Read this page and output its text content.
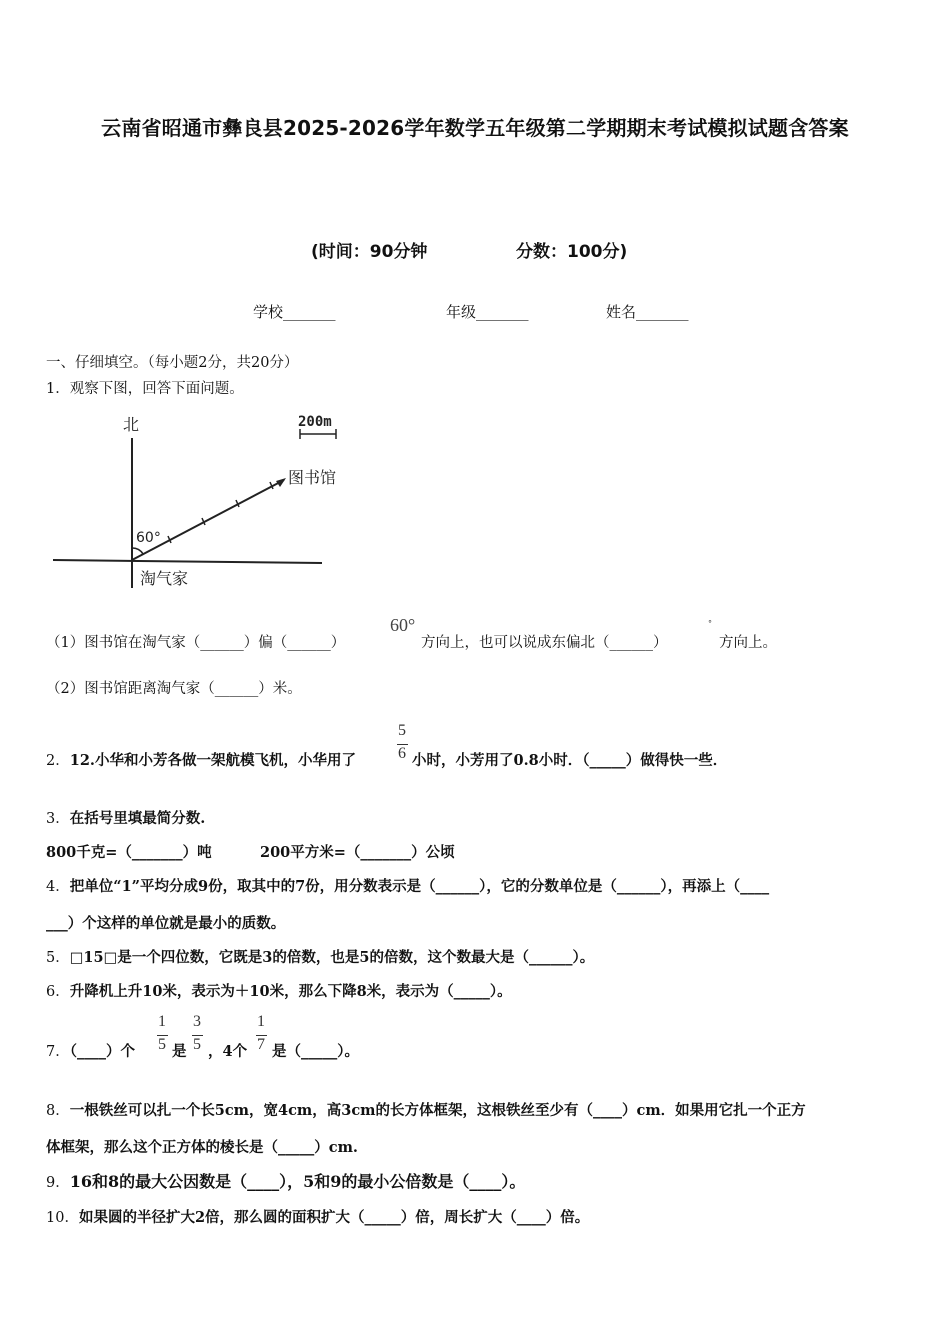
云南省昭通市彝良县2025-2026学年数学五年级第二学期期末考试模拟试题含答案
(时间：90分钟	分数：100分)
学校_______	年级_______	姓名_______
一、仔细填空。（每小题2分，共20分）
1．观察下图，回答下面问题。
北	200m
图书馆
60°
淘气家
（1）图书馆在淘气家（______）偏（______）
60°
方向上，也可以说成东偏北（______）
°
方向上。
（2）图书馆距离淘气家（______）米。
2．12.小华和小芳各做一架航模飞机，小华用了
5
6 小时，小芳用了0.8小时．（_____）做得快一些．
3．在括号里填最简分数.
800千克=（_______）吨	200平方米=（_______）公顷
4．把单位“1”平均分成9份，取其中的7份，用分数表示是（______），它的分数单位是（______），再添上（____
___）个这样的单位就是最小的质数。
5．□15□是一个四位数，它既是3的倍数，也是5的倍数，这个数最大是（______）。
6．升降机上升10米，表示为＋10米，那么下降8米，表示为（_____）。
7．（____）个
1
5 是
3
5 ，4个
1
7 是（_____）。
8．一根铁丝可以扎一个长5cm，宽4cm，高3cm的长方体框架，这根铁丝至少有（____）cm．如果用它扎一个正方
体框架，那么这个正方体的棱长是（_____）cm.
9．16和8的最大公因数是（____），5和9的最小公倍数是（____）。
10．如果圆的半径扩大2倍，那么圆的面积扩大（_____）倍，周长扩大（____）倍。
